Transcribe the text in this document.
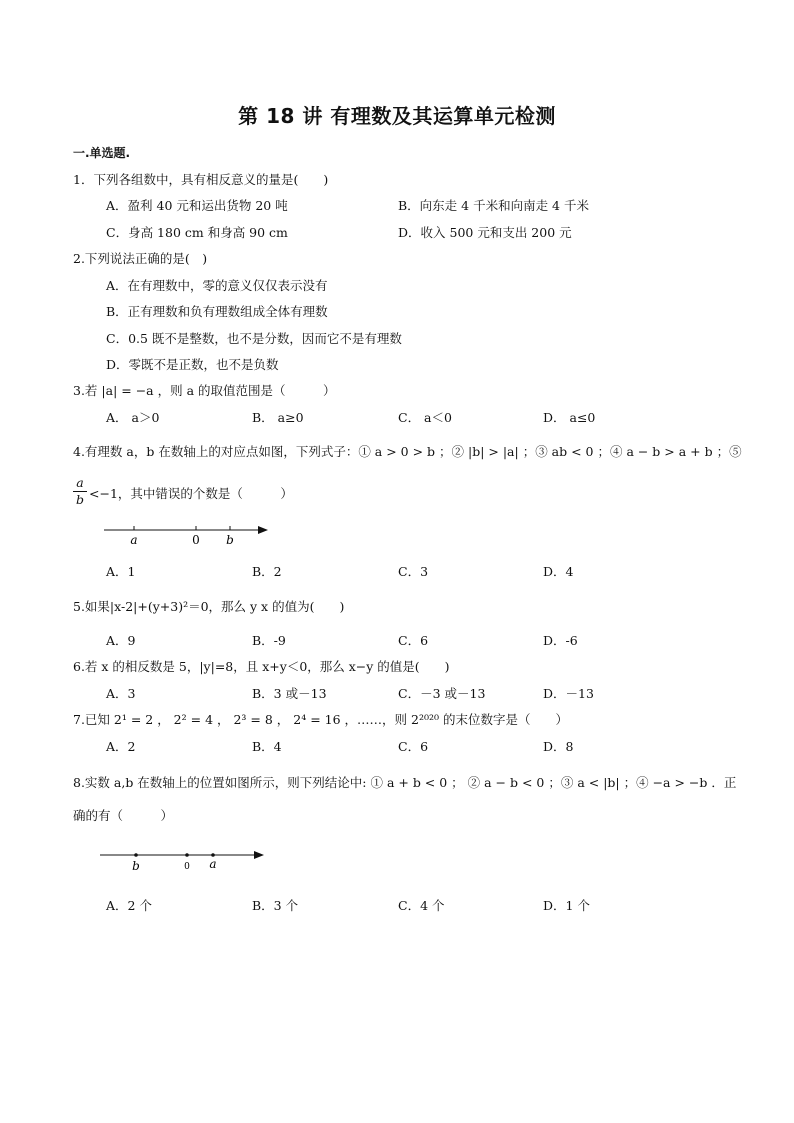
第 18 讲 有理数及其运算单元检测
一.单选题.
1．下列各组数中，具有相反意义的量是(　　)
A．盈利 40 元和运出货物 20 吨	B．向东走 4 千米和向南走 4 千米
C．身高 180 cm 和身高 90 cm	D．收入 500 元和支出 200 元
2.下列说法正确的是(　)
A．在有理数中，零的意义仅仅表示没有
B．正有理数和负有理数组成全体有理数
C．0.5 既不是整数，也不是分数，因而它不是有理数
D．零既不是正数，也不是负数
3.若 |a| = −a ，则 a 的取值范围是（　　　）
A． a＞0	B． a≥0	C． a＜0	D． a≤0
4.有理数 a，b 在数轴上的对应点如图，下列式子：① a > 0 > b ；② |b| > |a| ；③ ab < 0 ；④ a − b > a + b ；⑤
a
b <−1，其中错误的个数是（　　　）
a	0 b
A．1	B．2	C．3	D．4
5.如果|x-2|+(y+3)²＝0，那么 y x 的值为(　　)
A．9	B．-9	C．6	D．-6
6.若 x 的相反数是 5，|y|=8，且 x+y＜0，那么 x−y 的值是(　　)
A．3	B．3 或－13	C．－3 或－13	D．－13
7.已知 2¹ = 2 ， 2² = 4 ， 2³ = 8 ， 2⁴ = 16 ，……，则 2²⁰²⁰ 的末位数字是（　　）
A．2	B．4	C．6	D．8
8.实数 a,b 在数轴上的位置如图所示，则下列结论中: ① a + b < 0 ； ② a − b < 0 ；③ a < |b| ；④ −a > −b ．正
确的有（　　　）
b	0 a
A．2 个	B．3 个	C．4 个	D．1 个
